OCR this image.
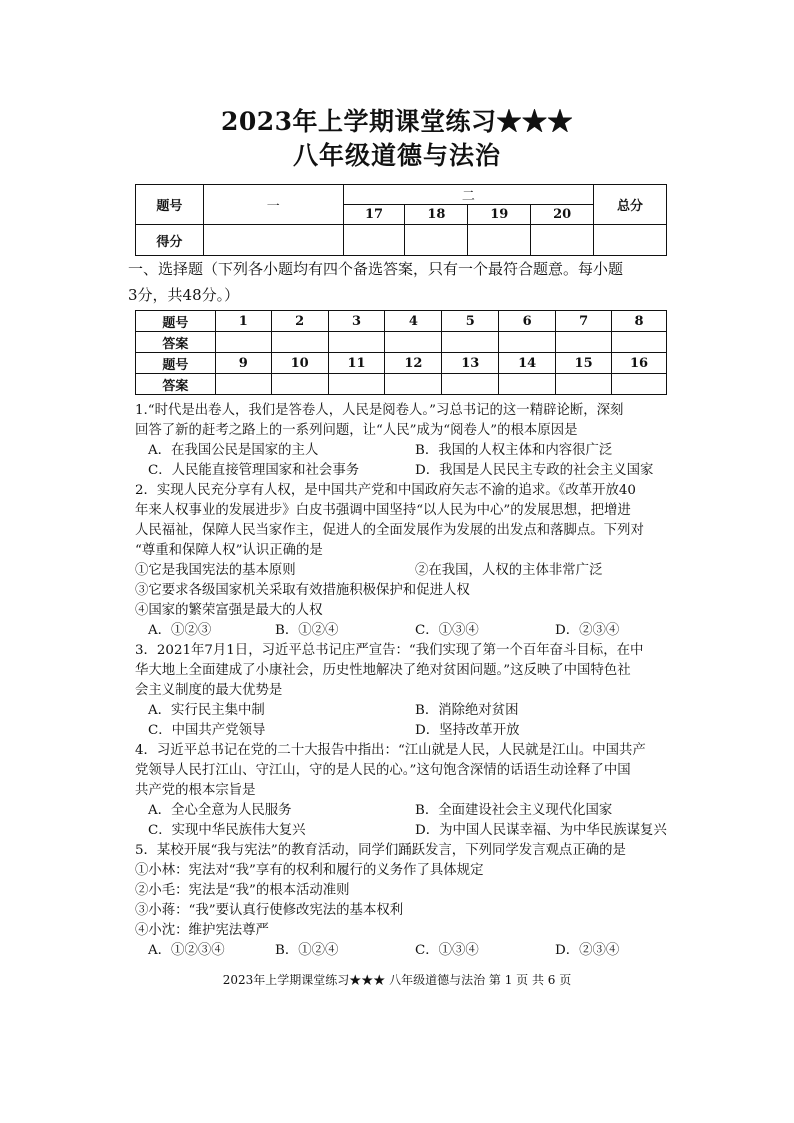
2023年上学期课堂练习★★★
八年级道德与法治
题号	一	二				总分
		17	18	19	20	
得分						
一、选择题（下列各小题均有四个备选答案，只有一个最符合题意。每小题
3分，共48分。）
题号	1	2	3	4	5	6	7	8
答案								
题号	9	10	11	12	13	14	15	16
答案								
1.“时代是出卷人，我们是答卷人，人民是阅卷人。”习总书记的这一精辟论断，深刻
回答了新的赶考之路上的一系列问题，让“人民”成为“阅卷人”的根本原因是
A．在我国公民是国家的主人	B．我国的人权主体和内容很广泛
C．人民能直接管理国家和社会事务	D．我国是人民民主专政的社会主义国家
2．实现人民充分享有人权，是中国共产党和中国政府矢志不渝的追求。《改革开放40
年来人权事业的发展进步》白皮书强调中国坚持“以人民为中心”的发展思想，把增进
人民福祉，保障人民当家作主，促进人的全面发展作为发展的出发点和落脚点。下列对
“尊重和保障人权”认识正确的是
①它是我国宪法的基本原则	②在我国，人权的主体非常广泛
③它要求各级国家机关采取有效措施积极保护和促进人权
④国家的繁荣富强是最大的人权
A．①②③	B．①②④	C．①③④	D．②③④
3．2021年7月1日，习近平总书记庄严宣告：“我们实现了第一个百年奋斗目标，在中
华大地上全面建成了小康社会，历史性地解决了绝对贫困问题。”这反映了中国特色社
会主义制度的最大优势是
A．实行民主集中制	B．消除绝对贫困
C．中国共产党领导	D．坚持改革开放
4．习近平总书记在党的二十大报告中指出：“江山就是人民，人民就是江山。中国共产
党领导人民打江山、守江山，守的是人民的心。”这句饱含深情的话语生动诠释了中国
共产党的根本宗旨是
A．全心全意为人民服务	B．全面建设社会主义现代化国家
C．实现中华民族伟大复兴	D．为中国人民谋幸福、为中华民族谋复兴
5．某校开展“我与宪法”的教育活动，同学们踊跃发言，下列同学发言观点正确的是
①小林：宪法对“我”享有的权利和履行的义务作了具体规定
②小毛：宪法是“我”的根本活动准则
③小蒋：“我”要认真行使修改宪法的基本权利
④小沈：维护宪法尊严
A．①②③④	B．①②④	C．①③④	D．②③④
2023年上学期课堂练习★★★ 八年级道德与法治 第 1 页 共 6 页
